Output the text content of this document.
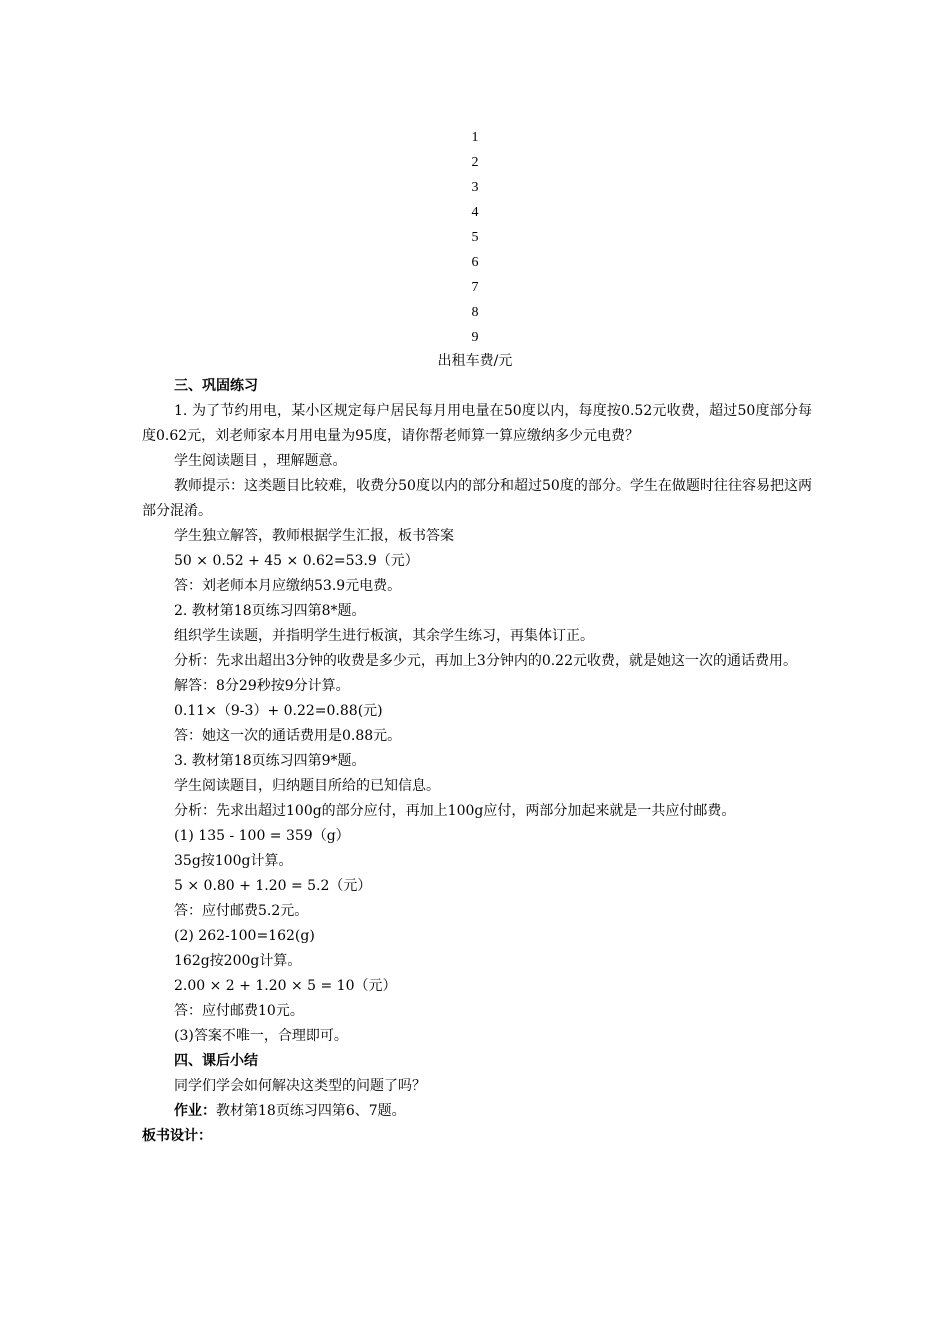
1
2
3
4
5
6
7
8
9
出租车费/元

三、巩固练习

1. 为了节约用电，某小区规定每户居民每月用电量在50度以内，每度按0.52元收费，超过50度部分每度0.62元，刘老师家本月用电量为95度，请你帮老师算一算应缴纳多少元电费？

学生阅读题目 ，理解题意。

教师提示：这类题目比较难，收费分50度以内的部分和超过50度的部分。学生在做题时往往容易把这两部分混淆。

学生独立解答，教师根据学生汇报，板书答案

50 × 0.52 + 45 × 0.62=53.9（元）

答：刘老师本月应缴纳53.9元电费。

2. 教材第18页练习四第8*题。

组织学生读题，并指明学生进行板演，其余学生练习，再集体订正。

分析：先求出超出3分钟的收费是多少元，再加上3分钟内的0.22元收费，就是她这一次的通话费用。

解答：8分29秒按9分计算。

0.11×（9-3）+ 0.22=0.88(元)

答：她这一次的通话费用是0.88元。

3. 教材第18页练习四第9*题。

学生阅读题目，归纳题目所给的已知信息。

分析：先求出超过100g的部分应付，再加上100g应付，两部分加起来就是一共应付邮费。

(1) 135 - 100 = 359（g）

35g按100g计算。

5 × 0.80 + 1.20 = 5.2（元）

答：应付邮费5.2元。

(2) 262-100=162(g)

162g按200g计算。

2.00 × 2 + 1.20 × 5 = 10（元）

答：应付邮费10元。

(3)答案不唯一，合理即可。

四、课后小结

同学们学会如何解决这类型的问题了吗？

作业：教材第18页练习四第6、7题。

板书设计：
